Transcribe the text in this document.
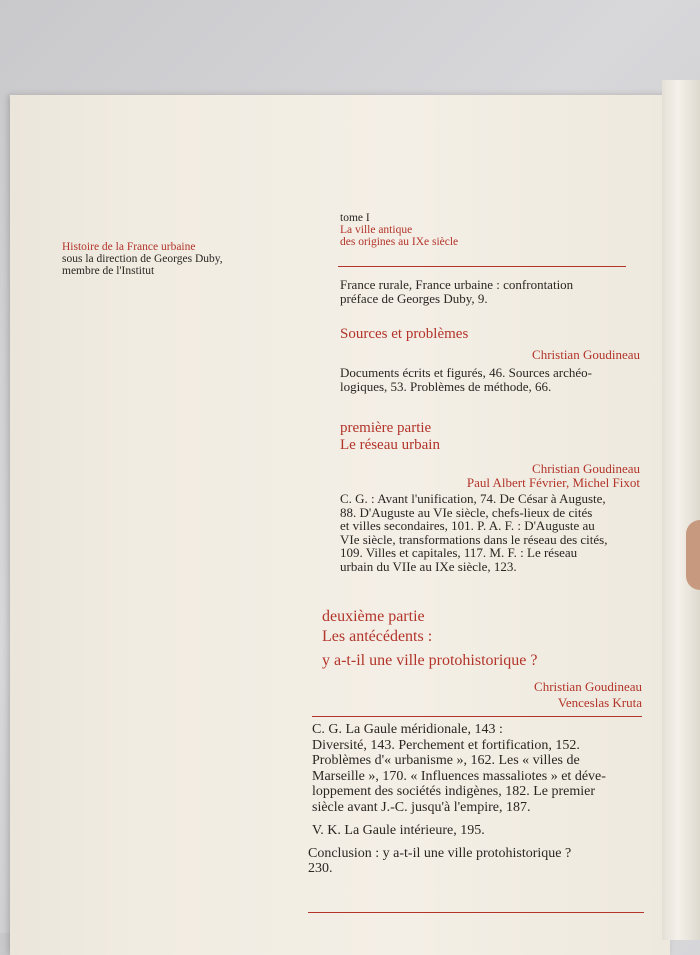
Histoire de la France urbaine
sous la direction de Georges Duby,
membre de l'Institut
tome I
La ville antique
des origines au IXe siècle
France rurale, France urbaine : confrontation
préface de Georges Duby, 9.
Sources et problèmes
Christian Goudineau
Documents écrits et figurés, 46. Sources archéo-
logiques, 53. Problèmes de méthode, 66.
première partie
Le réseau urbain
Christian Goudineau
Paul Albert Février, Michel Fixot
C. G. : Avant l'unification, 74. De César à Auguste,
88. D'Auguste au VIe siècle, chefs-lieux de cités
et villes secondaires, 101. P. A. F. : D'Auguste au
VIe siècle, transformations dans le réseau des cités,
109. Villes et capitales, 117. M. F. : Le réseau
urbain du VIIe au IXe siècle, 123.
deuxième partie
Les antécédents :
y a-t-il une ville protohistorique ?
Christian Goudineau
Venceslas Kruta
C. G. La Gaule méridionale, 143 :
Diversité, 143. Perchement et fortification, 152.
Problèmes d'« urbanisme », 162. Les « villes de
Marseille », 170. « Influences massaliotes » et déve-
loppement des sociétés indigènes, 182. Le premier
siècle avant J.-C. jusqu'à l'empire, 187.
V. K. La Gaule intérieure, 195.
Conclusion : y a-t-il une ville protohistorique ?
230.
